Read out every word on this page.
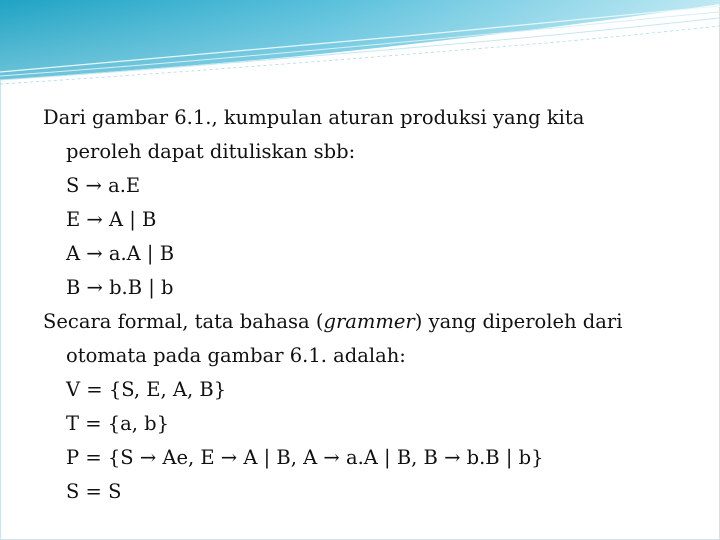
Dari gambar 6.1., kumpulan aturan produksi yang kita
peroleh dapat dituliskan sbb:
S → a.E
E → A | B
A → a.A | B
B → b.B | b
Secara formal, tata bahasa (grammer) yang diperoleh dari
otomata pada gambar 6.1. adalah:
V = {S, E, A, B}
T = {a, b}
P = {S → Ae, E → A | B, A → a.A | B, B → b.B | b}
S = S
